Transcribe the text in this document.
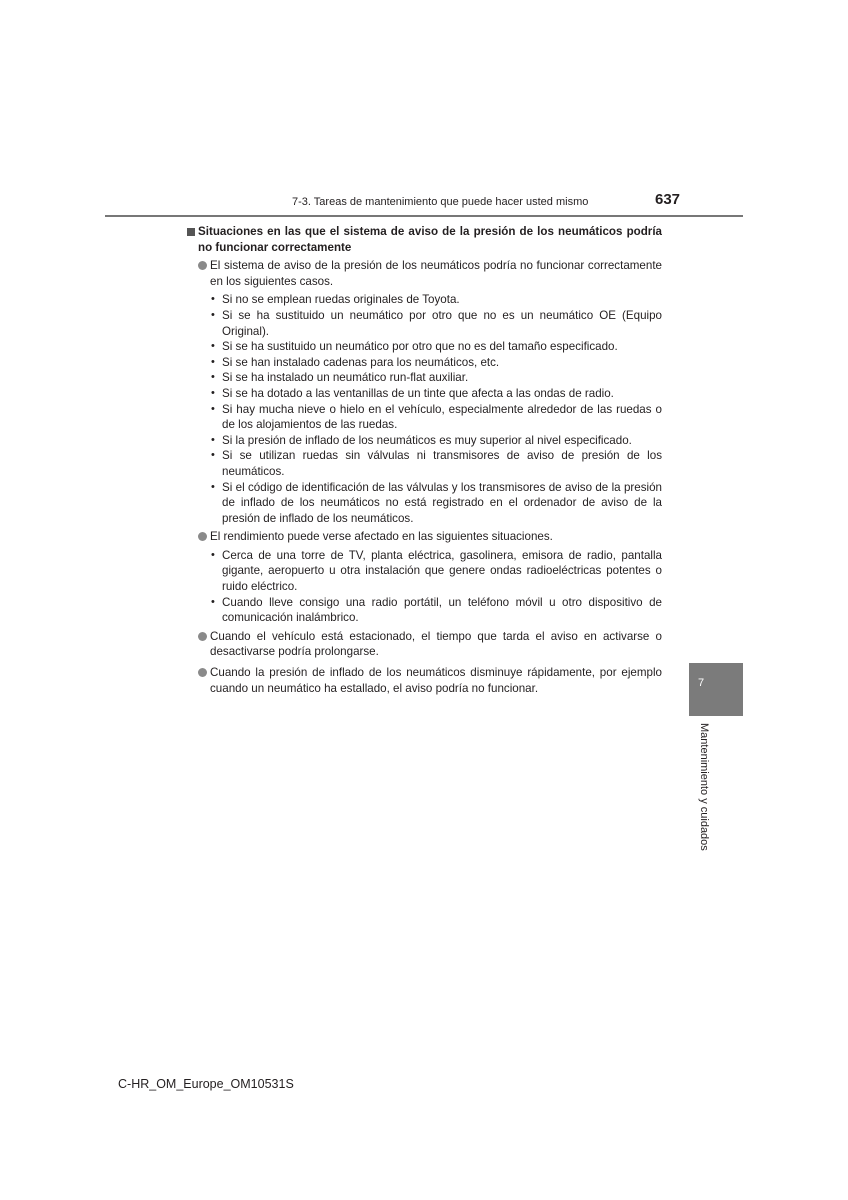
7-3. Tareas de mantenimiento que puede hacer usted mismo	637
Situaciones en las que el sistema de aviso de la presión de los neumáticos podría no funcionar correctamente
El sistema de aviso de la presión de los neumáticos podría no funcionar correctamente en los siguientes casos.
• Si no se emplean ruedas originales de Toyota.
• Si se ha sustituido un neumático por otro que no es un neumático OE (Equipo Original).
• Si se ha sustituido un neumático por otro que no es del tamaño especificado.
• Si se han instalado cadenas para los neumáticos, etc.
• Si se ha instalado un neumático run-flat auxiliar.
• Si se ha dotado a las ventanillas de un tinte que afecta a las ondas de radio.
• Si hay mucha nieve o hielo en el vehículo, especialmente alrededor de las ruedas o de los alojamientos de las ruedas.
• Si la presión de inflado de los neumáticos es muy superior al nivel especificado.
• Si se utilizan ruedas sin válvulas ni transmisores de aviso de presión de los neumáticos.
• Si el código de identificación de las válvulas y los transmisores de aviso de la presión de inflado de los neumáticos no está registrado en el ordenador de aviso de la presión de inflado de los neumáticos.
El rendimiento puede verse afectado en las siguientes situaciones.
• Cerca de una torre de TV, planta eléctrica, gasolinera, emisora de radio, pantalla gigante, aeropuerto u otra instalación que genere ondas radioeléctricas potentes o ruido eléctrico.
• Cuando lleve consigo una radio portátil, un teléfono móvil u otro dispositivo de comunicación inalámbrico.
Cuando el vehículo está estacionado, el tiempo que tarda el aviso en activarse o desactivarse podría prolongarse.
Cuando la presión de inflado de los neumáticos disminuye rápidamente, por ejemplo cuando un neumático ha estallado, el aviso podría no funcionar.	7
Mantenimiento y cuidados
C-HR_OM_Europe_OM10531S
